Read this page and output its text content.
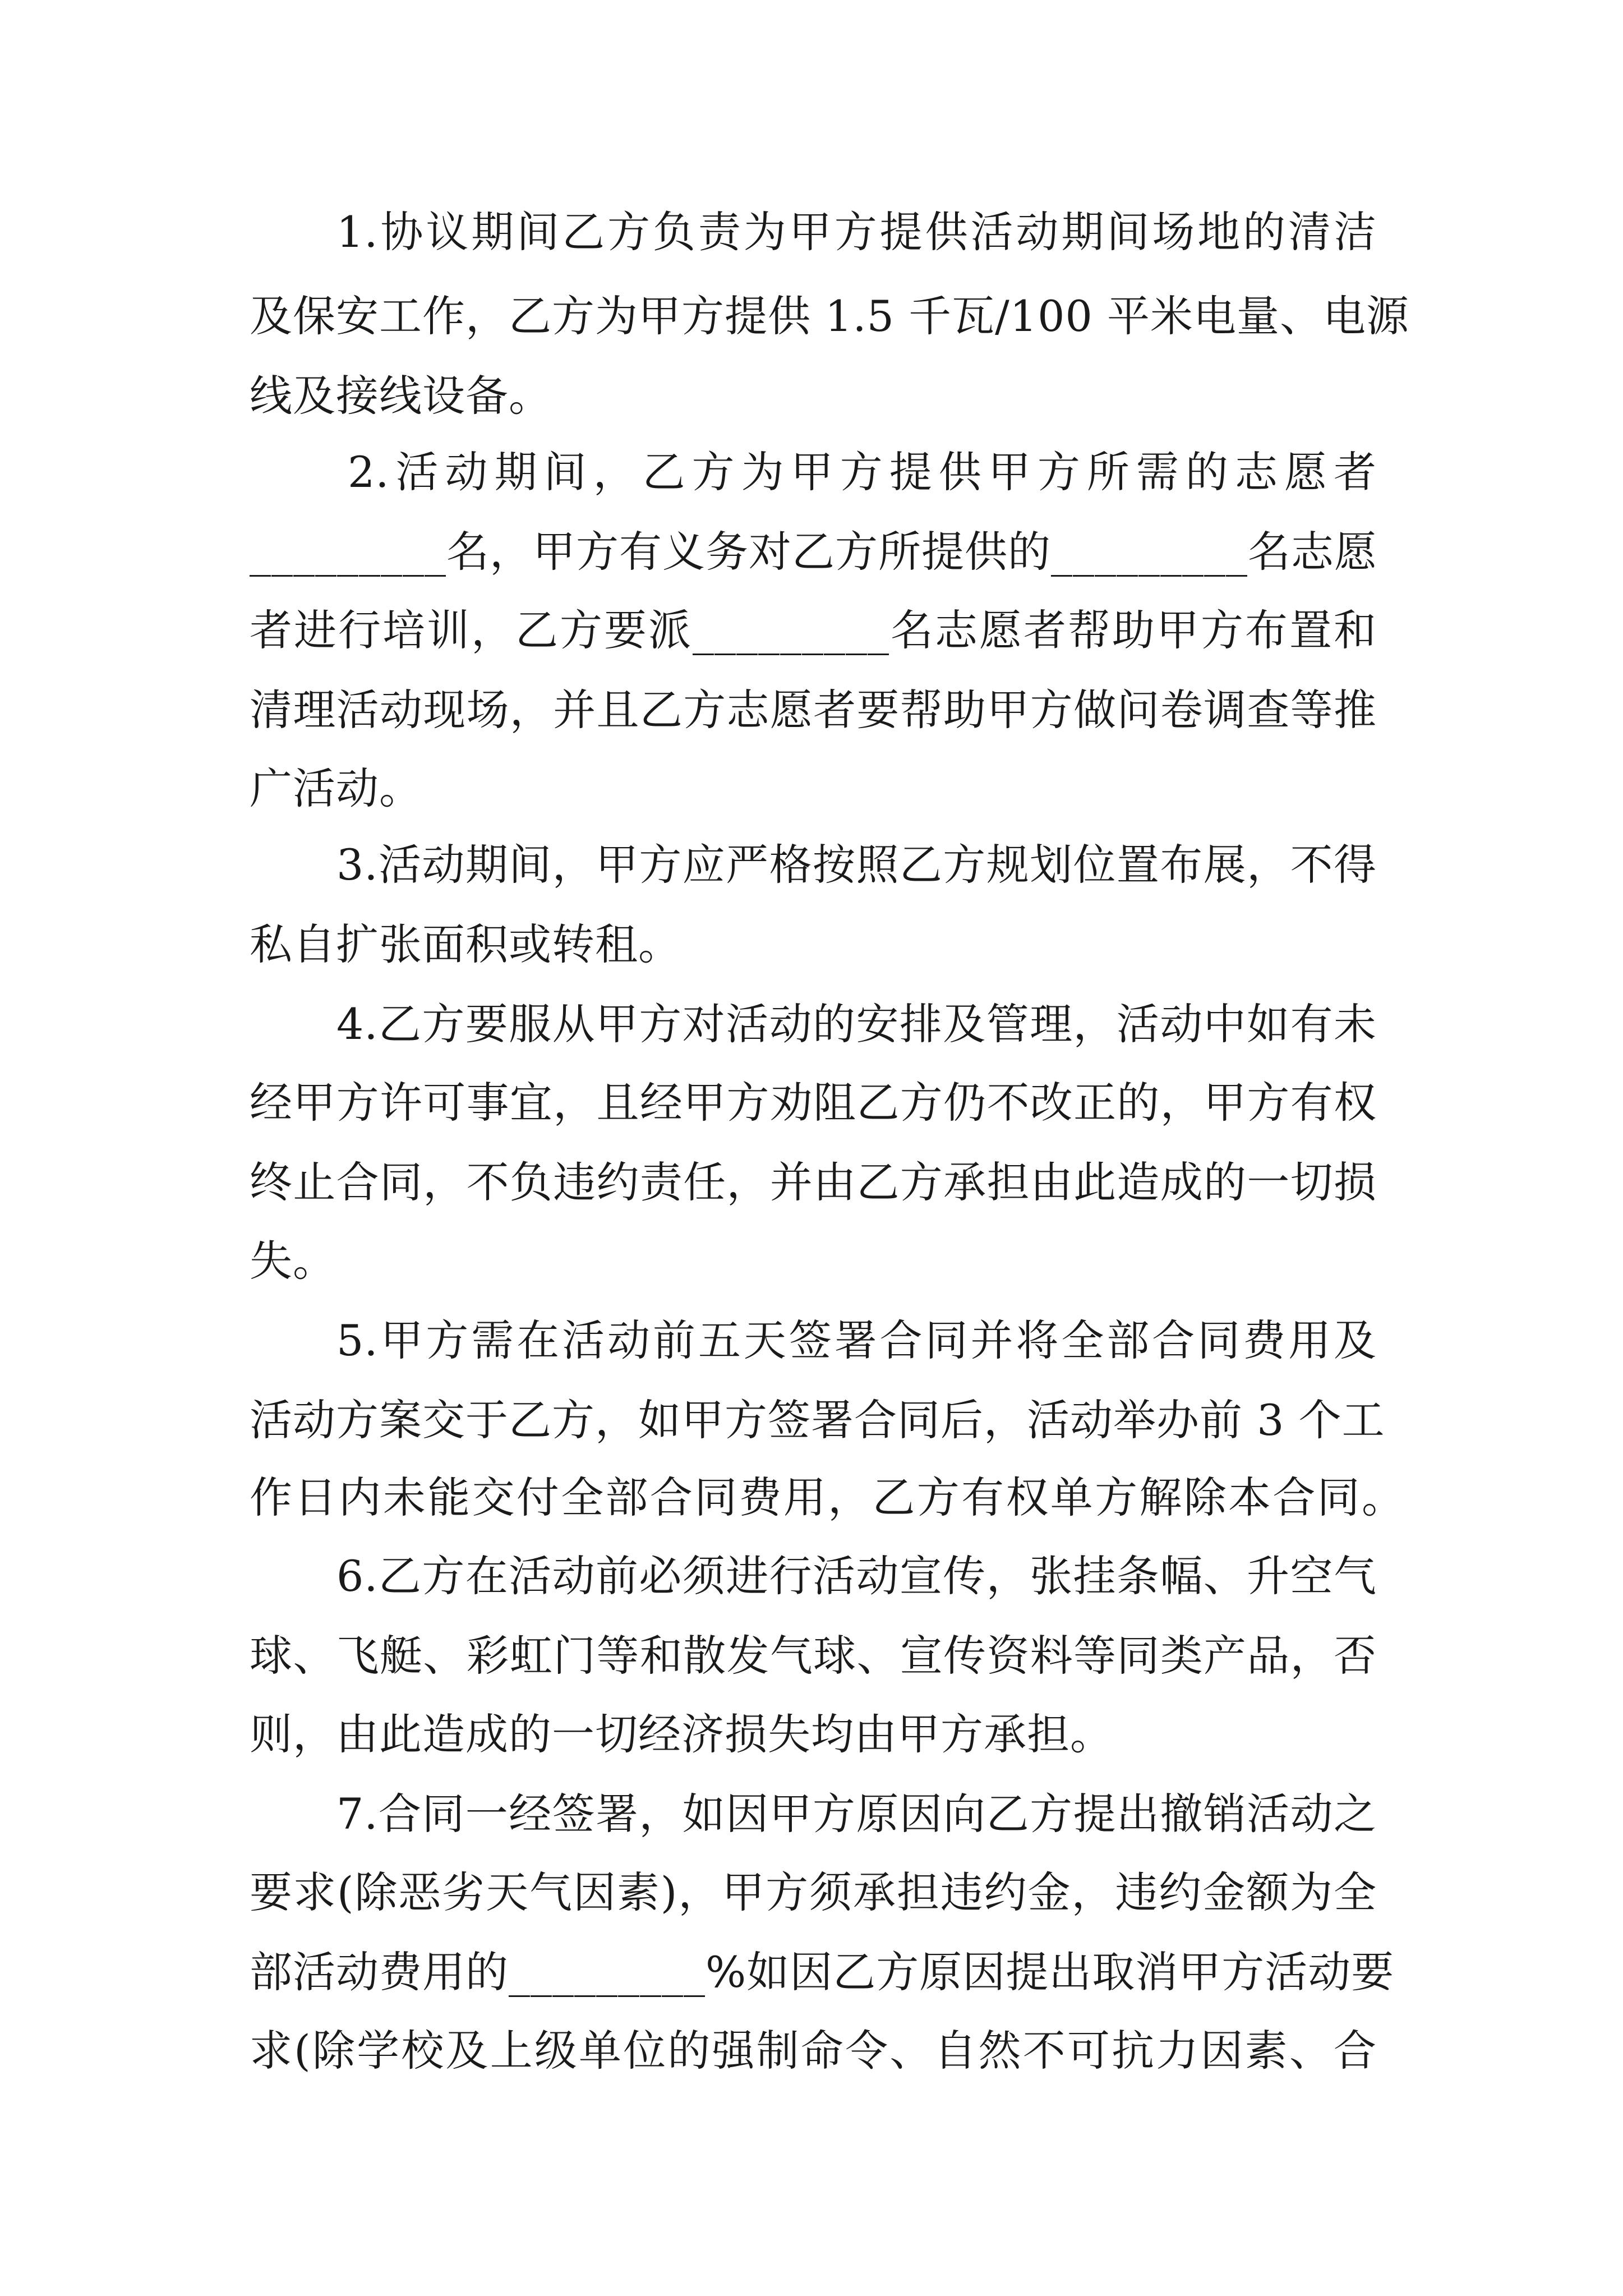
1.协议期间乙方负责为甲方提供活动期间场地的清洁
及保安工作，乙方为甲方提供 1.5 千瓦/100 平米电量、电源
线及接线设备。
2.活动期间，乙方为甲方提供甲方所需的志愿者
_________名，甲方有义务对乙方所提供的_________名志愿
者进行培训，乙方要派_________名志愿者帮助甲方布置和
清理活动现场，并且乙方志愿者要帮助甲方做问卷调查等推
广活动。
3.活动期间，甲方应严格按照乙方规划位置布展，不得
私自扩张面积或转租。
4.乙方要服从甲方对活动的安排及管理，活动中如有未
经甲方许可事宜，且经甲方劝阻乙方仍不改正的，甲方有权
终止合同，不负违约责任，并由乙方承担由此造成的一切损
失。
5.甲方需在活动前五天签署合同并将全部合同费用及
活动方案交于乙方，如甲方签署合同后，活动举办前 3 个工
作日内未能交付全部合同费用，乙方有权单方解除本合同。
6.乙方在活动前必须进行活动宣传，张挂条幅、升空气
球、飞艇、彩虹门等和散发气球、宣传资料等同类产品，否
则，由此造成的一切经济损失均由甲方承担。
7.合同一经签署，如因甲方原因向乙方提出撤销活动之
要求(除恶劣天气因素)，甲方须承担违约金，违约金额为全
部活动费用的_________%如因乙方原因提出取消甲方活动要
求(除学校及上级单位的强制命令、自然不可抗力因素、合
